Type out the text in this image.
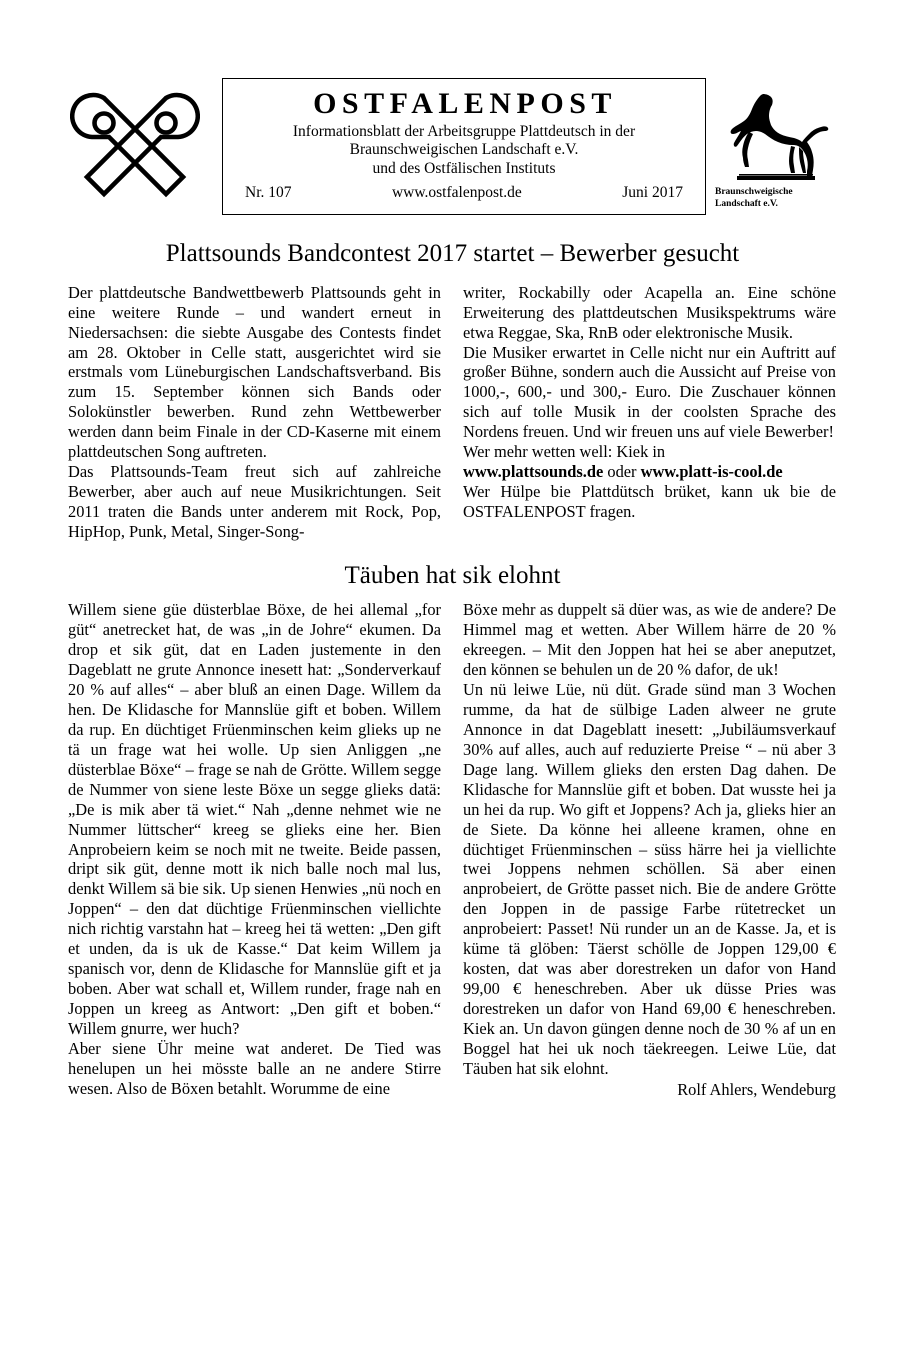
OSTFALENPOST
Informationsblatt der Arbeitsgruppe Plattdeutsch in der
Braunschweigischen Landschaft e.V.
und des Ostfälischen Instituts
Nr. 107	www.ostfalenpost.de	Juni 2017	Braunschweigische
Landschaft e.V.
Plattsounds Bandcontest 2017 startet – Bewerber gesucht

Der plattdeutsche Bandwettbewerb Plattsounds geht in eine weitere Runde – und wandert erneut in Niedersachsen: die siebte Ausgabe des Contests findet am 28. Oktober in Celle statt, ausgerichtet wird sie erstmals vom Lüneburgischen Landschaftsverband. Bis zum 15. September können sich Bands oder Solokünstler bewerben. Rund zehn Wettbewerber werden dann beim Finale in der CD-Kaserne mit einem plattdeutschen Song auftreten.

Das Plattsounds-Team freut sich auf zahlreiche Bewerber, aber auch auf neue Musikrichtungen. Seit 2011 traten die Bands unter anderem mit Rock, Pop, HipHop, Punk, Metal, Singer-Song-

writer, Rockabilly oder Acapella an. Eine schöne Erweiterung des plattdeutschen Musikspektrums wäre etwa Reggae, Ska, RnB oder elektronische Musik.

Die Musiker erwartet in Celle nicht nur ein Auftritt auf großer Bühne, sondern auch die Aussicht auf Preise von 1000,-, 600,- und 300,- Euro. Die Zuschauer können sich auf tolle Musik in der coolsten Sprache des Nordens freuen. Und wir freuen uns auf viele Bewerber!

Wer mehr wetten well: Kiek in

www.plattsounds.de oder www.platt-is-cool.de

Wer Hülpe bie Plattdütsch brüket, kann uk bie de OSTFALENPOST fragen.

Täuben hat sik elohnt

Willem siene güe düsterblae Böxe, de hei allemal „for güt“ anetrecket hat, de was „in de Johre“ ekumen. Da drop et sik güt, dat en Laden justemente in den Dageblatt ne grute Annonce inesett hat: „Sonderverkauf 20 % auf alles“ – aber bluß an einen Dage. Willem da hen. De Klidasche for Mannslüe gift et boben. Willem da rup. En düchtiget Früenminschen keim glieks up ne tä un frage wat hei wolle. Up sien Anliggen „ne düsterblae Böxe“ – frage se nah de Grötte. Willem segge de Nummer von siene leste Böxe un segge glieks datä: „De is mik aber tä wiet.“ Nah „denne nehmet wie ne Nummer lüttscher“ kreeg se glieks eine her. Bien Anprobeiern keim se noch mit ne tweite. Beide passen, dript sik güt, denne mott ik nich balle noch mal lus, denkt Willem sä bie sik. Up sienen Henwies „nü noch en Joppen“ – den dat düchtige Früenminschen viellichte nich richtig varstahn hat – kreeg hei tä wetten: „Den gift et unden, da is uk de Kasse.“ Dat keim Willem ja spanisch vor, denn de Klidasche for Mannslüe gift et ja boben. Aber wat schall et, Willem runder, frage nah en Joppen un kreeg as Antwort: „Den gift et boben.“ Willem gnurre, wer huch?

Aber siene Ühr meine wat anderet. De Tied was henelupen un hei mösste balle an ne andere Stirre wesen. Also de Böxen betahlt. Worumme de eine

Böxe mehr as duppelt sä düer was, as wie de andere? De Himmel mag et wetten. Aber Willem härre de 20 % ekreegen. – Mit den Joppen hat hei se aber aneputzet, den können se behulen un de 20 % dafor, de uk!

Un nü leiwe Lüe, nü düt. Grade sünd man 3 Wochen rumme, da hat de sülbige Laden alweer ne grute Annonce in dat Dageblatt inesett: „Jubiläumsverkauf 30% auf alles, auch auf reduzierte Preise “ – nü aber 3 Dage lang. Willem glieks den ersten Dag dahen. De Klidasche for Mannslüe gift et boben. Dat wusste hei ja un hei da rup. Wo gift et Joppens? Ach ja, glieks hier an de Siete. Da könne hei alleene kramen, ohne en düchtiget Früenminschen – süss härre hei ja viellichte twei Joppens nehmen schöllen. Sä aber einen anprobeiert, de Grötte passet nich. Bie de andere Grötte den Joppen in de passige Farbe rütetrecket un anprobeiert: Passet! Nü runder un an de Kasse. Ja, et is küme tä glöben: Täerst schölle de Joppen 129,00 € kosten, dat was aber dorestreken un dafor von Hand 99,00 € heneschreben. Aber uk düsse Pries was dorestreken un dafor von Hand 69,00 € heneschreben. Kiek an. Un davon güngen denne noch de 30 % af un en Boggel hat hei uk noch täekreegen. Leiwe Lüe, dat Täuben hat sik elohnt.

Rolf Ahlers, Wendeburg
